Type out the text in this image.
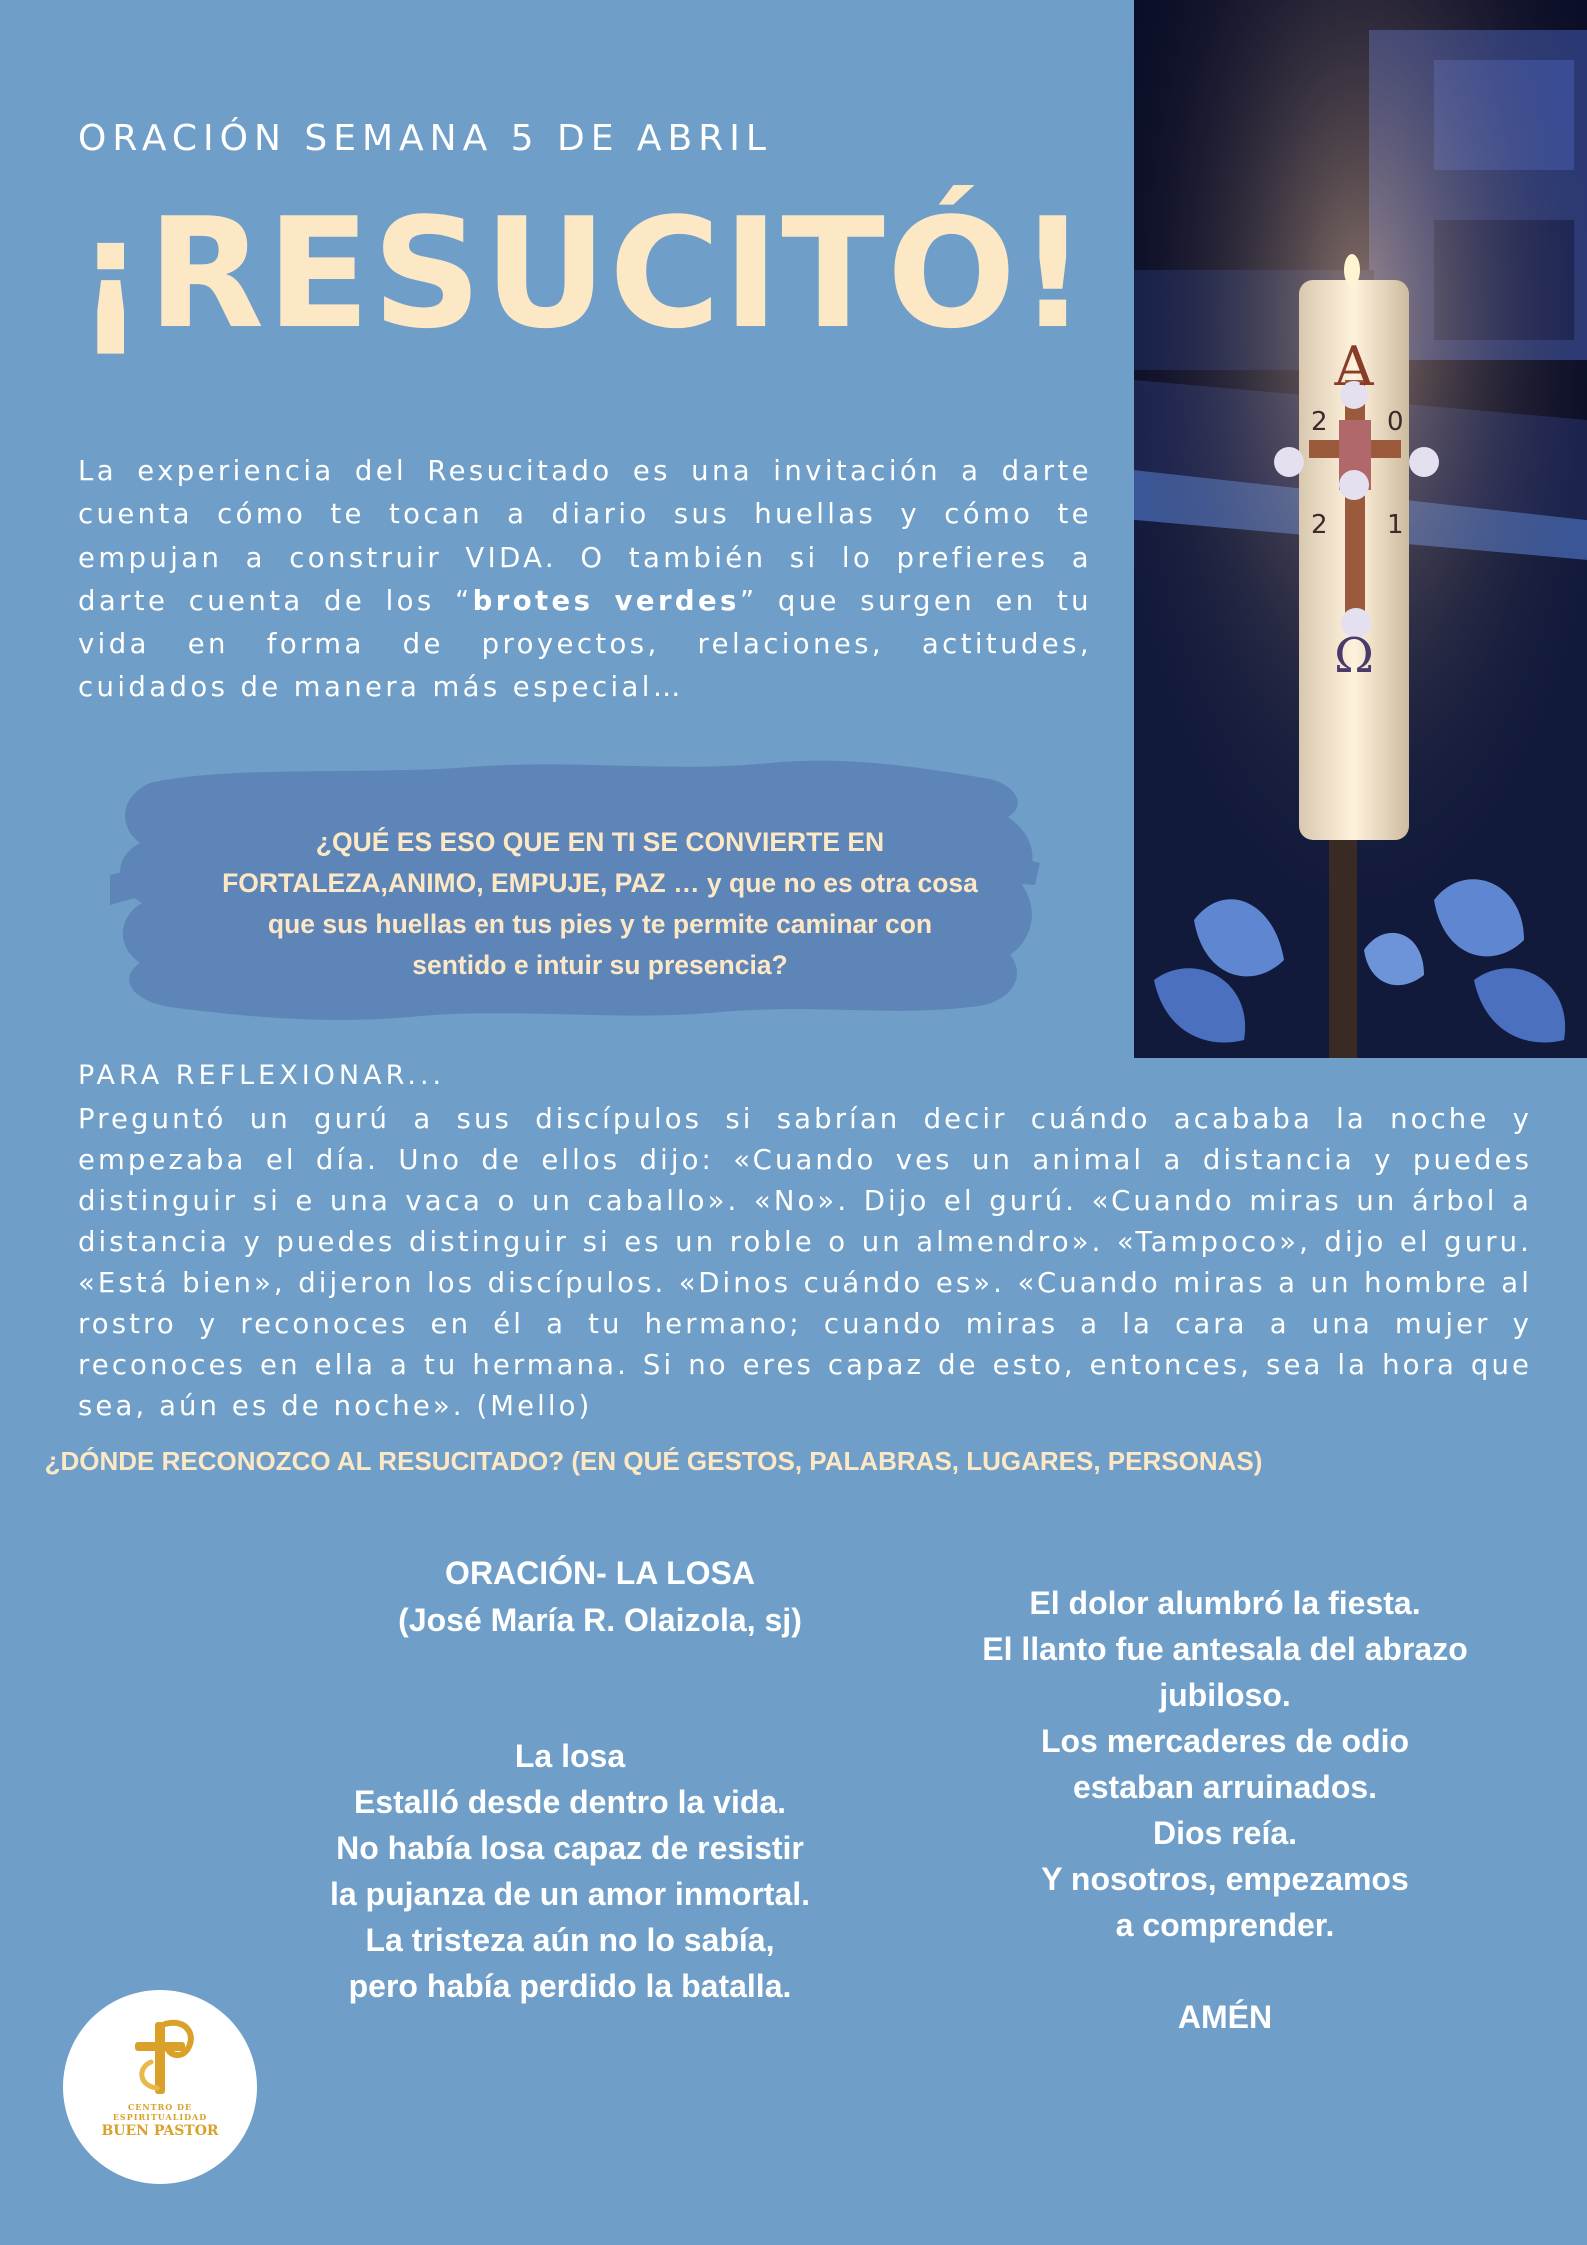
ORACIÓN SEMANA 5 DE ABRIL
¡RESUCITÓ!
La experiencia del Resucitado es una invitación a darte cuenta cómo te tocan a diario sus huellas y cómo te empujan a construir VIDA. O también si lo prefieres a darte cuenta de los “brotes verdes” que surgen en tu vida en forma de proyectos, relaciones, actitudes, cuidados de manera más especial…
¿QUÉ ES ESO QUE EN TI SE CONVIERTE EN
FORTALEZA,ANIMO, EMPUJE, PAZ … y que no es otra cosa
que sus huellas en tus pies y te permite caminar con
sentido e intuir su presencia?
A
Ω
2 0
2 1
PARA REFLEXIONAR...
Preguntó un gurú a sus discípulos si sabrían decir cuándo acababa la noche y empezaba el día. Uno de ellos dijo: «Cuando ves un animal a distancia y puedes distinguir si e una vaca o un caballo». «No». Dijo el gurú. «Cuando miras un árbol a distancia y puedes distinguir si es un roble o un almendro». «Tampoco», dijo el guru. «Está bien», dijeron los discípulos. «Dinos cuándo es». «Cuando miras a un hombre al rostro y reconoces en él a tu hermano; cuando miras a la cara a una mujer y reconoces en ella a tu hermana. Si no eres capaz de esto, entonces, sea la hora que sea, aún es de noche». (Mello)
¿DÓNDE RECONOZCO AL RESUCITADO? (EN QUÉ GESTOS, PALABRAS, LUGARES, PERSONAS)
ORACIÓN- LA LOSA
(José María R. Olaizola, sj)
La losa
Estalló desde dentro la vida.
No había losa capaz de resistir
la pujanza de un amor inmortal.
La tristeza aún no lo sabía,
pero había perdido la batalla.
El dolor alumbró la fiesta.
El llanto fue antesala del abrazo
jubiloso.
Los mercaderes de odio
estaban arruinados.
Dios reía.
Y nosotros, empezamos
a comprender.
AMÉN
CENTRO DE
ESPIRITUALIDAD
BUEN PASTOR
